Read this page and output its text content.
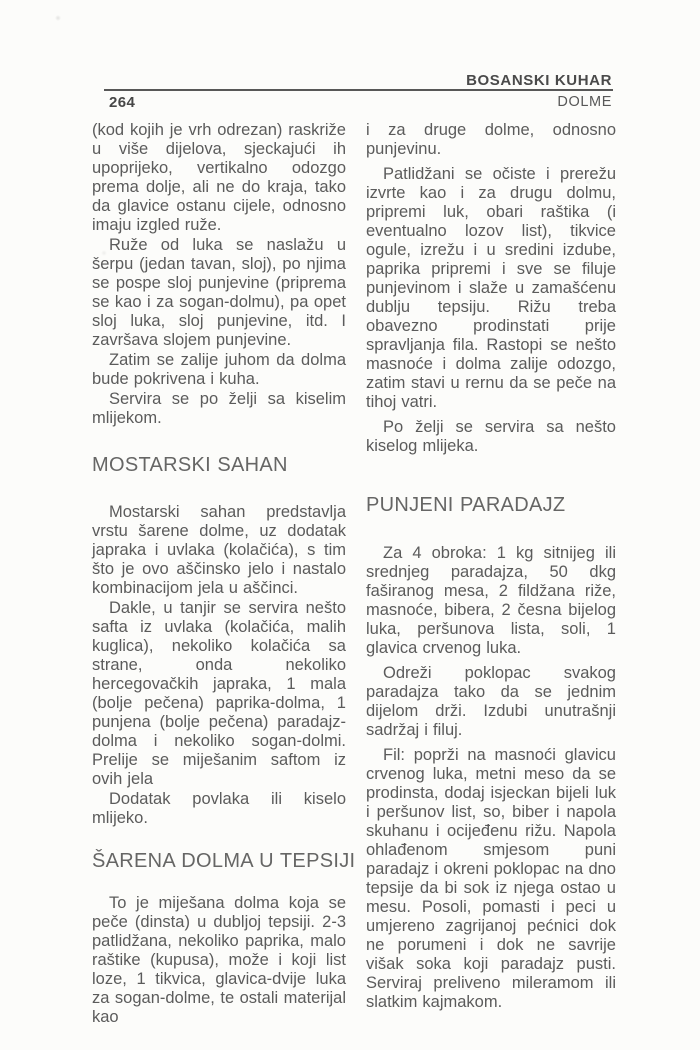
BOSANSKI KUHAR
264	DOLME

(kod kojih je vrh odrezan) raskriže u više dijelova, sjeckajući ih upoprijeko, vertikalno odozgo prema dolje, ali ne do kraja, tako da glavice ostanu cijele, odnosno imaju izgled ruže.

Ruže od luka se naslažu u šerpu (jedan tavan, sloj), po njima se pospe sloj punjevine (priprema se kao i za sogan-dolmu), pa opet sloj luka, sloj punjevine, itd. I završava slojem punjevine.

Zatim se zalije juhom da dolma bude pokrivena i kuha.

Servira se po želji sa kiselim mlijekom.

MOSTARSKI SAHAN

Mostarski sahan predstavlja vrstu šarene dolme, uz dodatak japraka i uvlaka (kolačića), s tim što je ovo aščinsko jelo i nastalo kombinacijom jela u aščinci.

Dakle, u tanjir se servira nešto safta iz uvlaka (kolačića, malih kuglica), nekoliko kolačića sa strane, onda nekoliko hercegovačkih japraka, 1 mala (bolje pečena) paprika-dolma, 1 punjena (bolje pečena) paradajz-dolma i nekoliko sogan-dolmi. Prelije se miješanim saftom iz ovih jela

Dodatak povlaka ili kiselo mlijeko.

ŠARENA DOLMA U TEPSIJI

To je miješana dolma koja se peče (dinsta) u dubljoj tepsiji. 2-3 patlidžana, nekoliko paprika, malo raštike (kupusa), može i koji list loze, 1 tikvica, glavica-dvije luka za sogan-dolme, te ostali materijal kao

i za druge dolme, odnosno punjevinu.

Patlidžani se očiste i prerežu izvrte kao i za drugu dolmu, pripremi luk, obari raštika (i eventualno lozov list), tikvice ogule, izrežu i u sredini izdube, paprika pripremi i sve se filuje punjevinom i slaže u zamašćenu dublju tepsiju. Rižu treba obavezno prodinstati prije spravljanja fila. Rastopi se nešto masnoće i dolma zalije odozgo, zatim stavi u rernu da se peče na tihoj vatri.

Po želji se servira sa nešto kiselog mlijeka.

PUNJENI PARADAJZ

Za 4 obroka: 1 kg sitnijeg ili srednjeg paradajza, 50 dkg faširanog mesa, 2 fildžana riže, masnoće, bibera, 2 česna bijelog luka, peršunova lista, soli, 1 glavica crvenog luka.

Odreži poklopac svakog paradajza tako da se jednim dijelom drži. Izdubi unutrašnji sadržaj i filuj.

Fil: poprži na masnoći glavicu crvenog luka, metni meso da se prodinsta, dodaj isjeckan bijeli luk i peršunov list, so, biber i napola skuhanu i ocijeđenu rižu. Napola ohlađenom smjesom puni paradajz i okreni poklopac na dno tepsije da bi sok iz njega ostao u mesu. Posoli, pomasti i peci u umjereno zagrijanoj pećnici dok ne porumeni i dok ne savrije višak soka koji paradajz pusti. Serviraj preliveno mileramom ili slatkim kajmakom.
